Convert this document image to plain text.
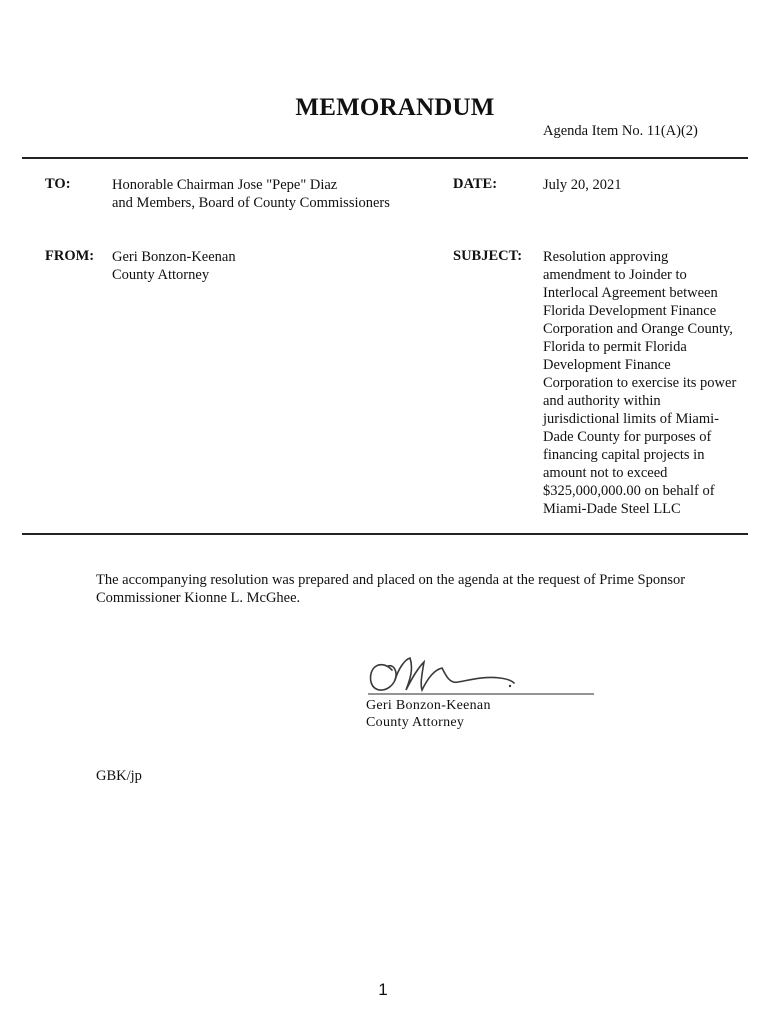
MEMORANDUM
Agenda Item No. 11(A)(2)
TO:	Honorable Chairman Jose "Pepe" Diaz
and Members, Board of County Commissioners
DATE:	July 20, 2021
FROM: Geri Bonzon-Keenan
County Attorney
SUBJECT: Resolution approving
amendment to Joinder to
Interlocal Agreement between
Florida Development Finance
Corporation and Orange County,
Florida to permit Florida
Development Finance
Corporation to exercise its power
and authority within
jurisdictional limits of Miami-
Dade County for purposes of
financing capital projects in
amount not to exceed
$325,000,000.00 on behalf of
Miami-Dade Steel LLC
The accompanying resolution was prepared and placed on the agenda at the request of Prime Sponsor
Commissioner Kionne L. McGhee.
Geri Bonzon-Keenan
County Attorney
GBK/jp
1
